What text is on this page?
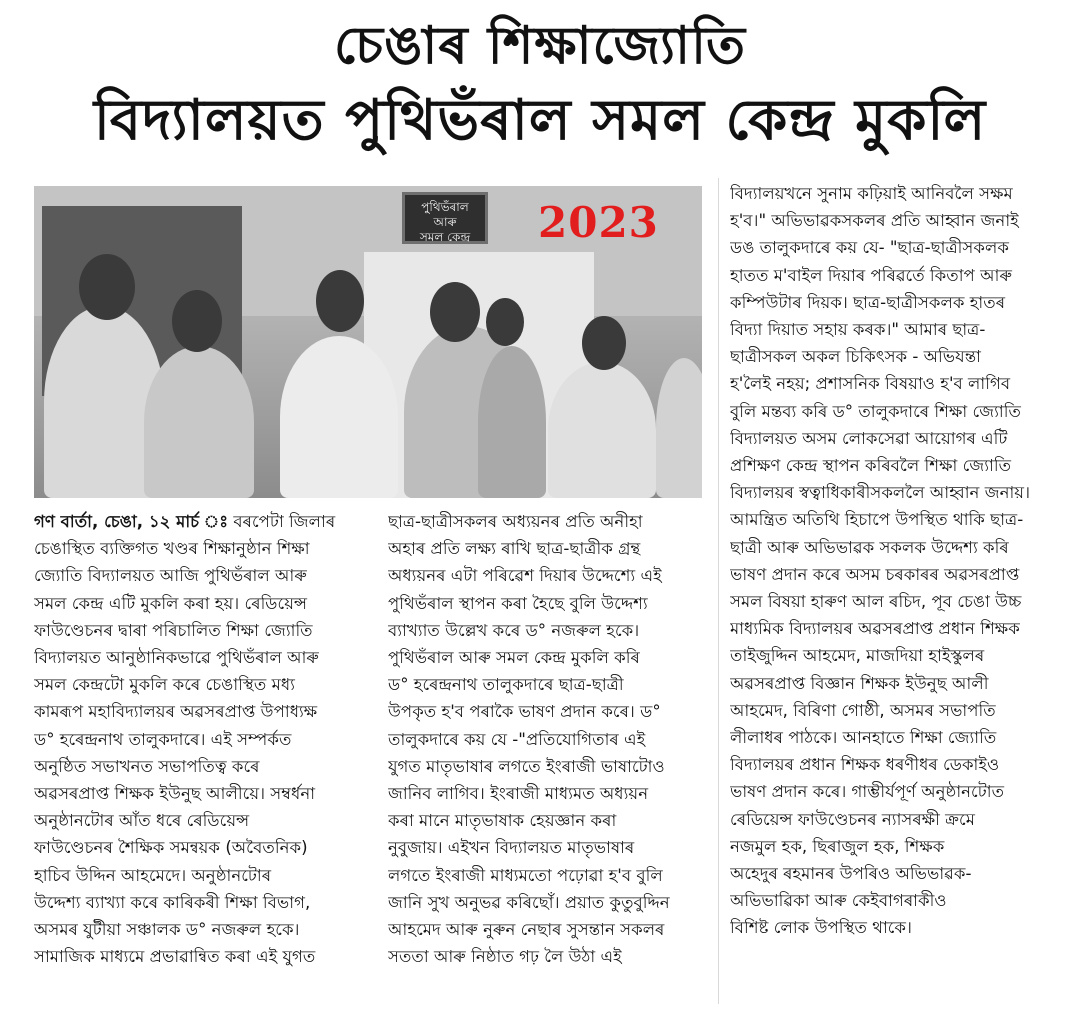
চেঙাৰ শিক্ষাজ্যোতি
বিদ্যালয়ত পুথিভঁৰাল সমল কেন্দ্ৰ মুকলি
পুথিভঁৰাল
আৰু
সমল কেন্দ্ৰ	2023
গণ বাৰ্তা, চেঙা, ১২ মাৰ্চ ঃ বৰপেটা জিলাৰ
চেঙাস্থিত ব্যক্তিগত খণ্ডৰ শিক্ষানুষ্ঠান শিক্ষা
জ্যোতি বিদ্যালয়ত আজি পুথিভঁৰাল আৰু
সমল কেন্দ্ৰ এটি মুকলি কৰা হয়। ৰেডিয়েন্স
ফাউণ্ডেচনৰ দ্বাৰা পৰিচালিত শিক্ষা জ্যোতি
বিদ্যালয়ত আনুষ্ঠানিকভাৱে পুথিভঁৰাল আৰু
সমল কেন্দ্ৰটো মুকলি কৰে চেঙাস্থিত মধ্য
কামৰূপ মহাবিদ্যালয়ৰ অৱসৰপ্ৰাপ্ত উপাধ্যক্ষ
ড° হৰেন্দ্ৰনাথ তালুকদাৰে। এই সম্পৰ্কত
অনুষ্ঠিত সভাখনত সভাপতিত্ব কৰে
অৱসৰপ্ৰাপ্ত শিক্ষক ইউনুছ আলীয়ে। সম্বৰ্ধনা
অনুষ্ঠানটোৰ আঁত ধৰে ৰেডিয়েন্স
ফাউণ্ডেচনৰ শৈক্ষিক সমন্বয়ক (অবৈতনিক)
হাচিব উদ্দিন আহমেদে। অনুষ্ঠানটোৰ
উদ্দেশ্য ব্যাখ্যা কৰে কাৰিকৰী শিক্ষা বিভাগ,
অসমৰ যুটীয়া সঞ্চালক ড° নজৰুল হকে।
সামাজিক মাধ্যমে প্ৰভাৱান্বিত কৰা এই যুগত
ছাত্ৰ-ছাত্ৰীসকলৰ অধ্যয়নৰ প্ৰতি অনীহা
অহাৰ প্ৰতি লক্ষ্য ৰাখি ছাত্ৰ-ছাত্ৰীক গ্ৰন্থ
অধ্যয়নৰ এটা পৰিৱেশ দিয়াৰ উদ্দেশ্যে এই
পুথিভঁৰাল স্থাপন কৰা হৈছে বুলি উদ্দেশ্য
ব্যাখ্যাত উল্লেখ কৰে ড° নজৰুল হকে।
পুথিভঁৰাল আৰু সমল কেন্দ্ৰ মুকলি কৰি
ড° হৰেন্দ্ৰনাথ তালুকদাৰে ছাত্ৰ-ছাত্ৰী
উপকৃত হ'ব পৰাকৈ ভাষণ প্ৰদান কৰে। ড°
তালুকদাৰে কয় যে -"প্ৰতিযোগিতাৰ এই
যুগত মাতৃভাষাৰ লগতে ইংৰাজী ভাষাটোও
জানিব লাগিব। ইংৰাজী মাধ্যমত অধ্যয়ন
কৰা মানে মাতৃভাষাক হেয়জ্ঞান কৰা
নুবুজায়। এইখন বিদ্যালয়ত মাতৃভাষাৰ
লগতে ইংৰাজী মাধ্যমতো পঢ়োৱা হ'ব বুলি
জানি সুখ অনুভৱ কৰিছোঁ। প্ৰয়াত কুতুবুদ্দিন
আহমেদ আৰু নুৰুন নেছাৰ সুসন্তান সকলৰ
সততা আৰু নিষ্ঠাত গঢ় লৈ উঠা এই
বিদ্যালয়খনে সুনাম কঢ়িয়াই আনিবলৈ সক্ষম
হ'ব।" অভিভাৱকসকলৰ প্ৰতি আহ্বান জনাই
ডঙ তালুকদাৰে কয় যে- "ছাত্ৰ-ছাত্ৰীসকলক
হাতত ম'বাইল দিয়াৰ পৰিৱৰ্তে কিতাপ আৰু
কম্পিউটাৰ দিয়ক। ছাত্ৰ-ছাত্ৰীসকলক হাতৰ
বিদ্যা দিয়াত সহায় কৰক।" আমাৰ ছাত্ৰ-
ছাত্ৰীসকল অকল চিকিৎসক - অভিযন্তা
হ'লৈই নহয়; প্ৰশাসনিক বিষয়াও হ'ব লাগিব
বুলি মন্তব্য কৰি ড° তালুকদাৰে শিক্ষা জ্যোতি
বিদ্যালয়ত অসম লোকসেৱা আয়োগৰ এটি
প্ৰশিক্ষণ কেন্দ্ৰ স্থাপন কৰিবলৈ শিক্ষা জ্যোতি
বিদ্যালয়ৰ স্বত্বাধিকাৰীসকললৈ আহ্বান জনায়।
আমন্ত্ৰিত অতিথি হিচাপে উপস্থিত থাকি ছাত্ৰ-
ছাত্ৰী আৰু অভিভাৱক সকলক উদ্দেশ্য কৰি
ভাষণ প্ৰদান কৰে অসম চৰকাৰৰ অৱসৰপ্ৰাপ্ত
সমল বিষয়া হাৰুণ আল ৰচিদ, পূব চেঙা উচ্চ
মাধ্যমিক বিদ্যালয়ৰ অৱসৰপ্ৰাপ্ত প্ৰধান শিক্ষক
তাইজুদ্দিন আহমেদ, মাজদিয়া হাইস্কুলৰ
অৱসৰপ্ৰাপ্ত বিজ্ঞান শিক্ষক ইউনুছ আলী
আহমেদ, বিৰিণা গোষ্ঠী, অসমৰ সভাপতি
লীলাধৰ পাঠকে। আনহাতে শিক্ষা জ্যোতি
বিদ্যালয়ৰ প্ৰধান শিক্ষক ধৰণীধৰ ডেকাইও
ভাষণ প্ৰদান কৰে। গাম্ভীৰ্যপূৰ্ণ অনুষ্ঠানটোত
ৰেডিয়েন্স ফাউণ্ডেচনৰ ন্যাসৰক্ষী ক্ৰমে
নজমুল হক, ছিৰাজুল হক, শিক্ষক
অহেদুৰ ৰহমানৰ উপৰিও অভিভাৱক-
অভিভাৱিকা আৰু কেইবাগৰাকীও
বিশিষ্ট লোক উপস্থিত থাকে।
